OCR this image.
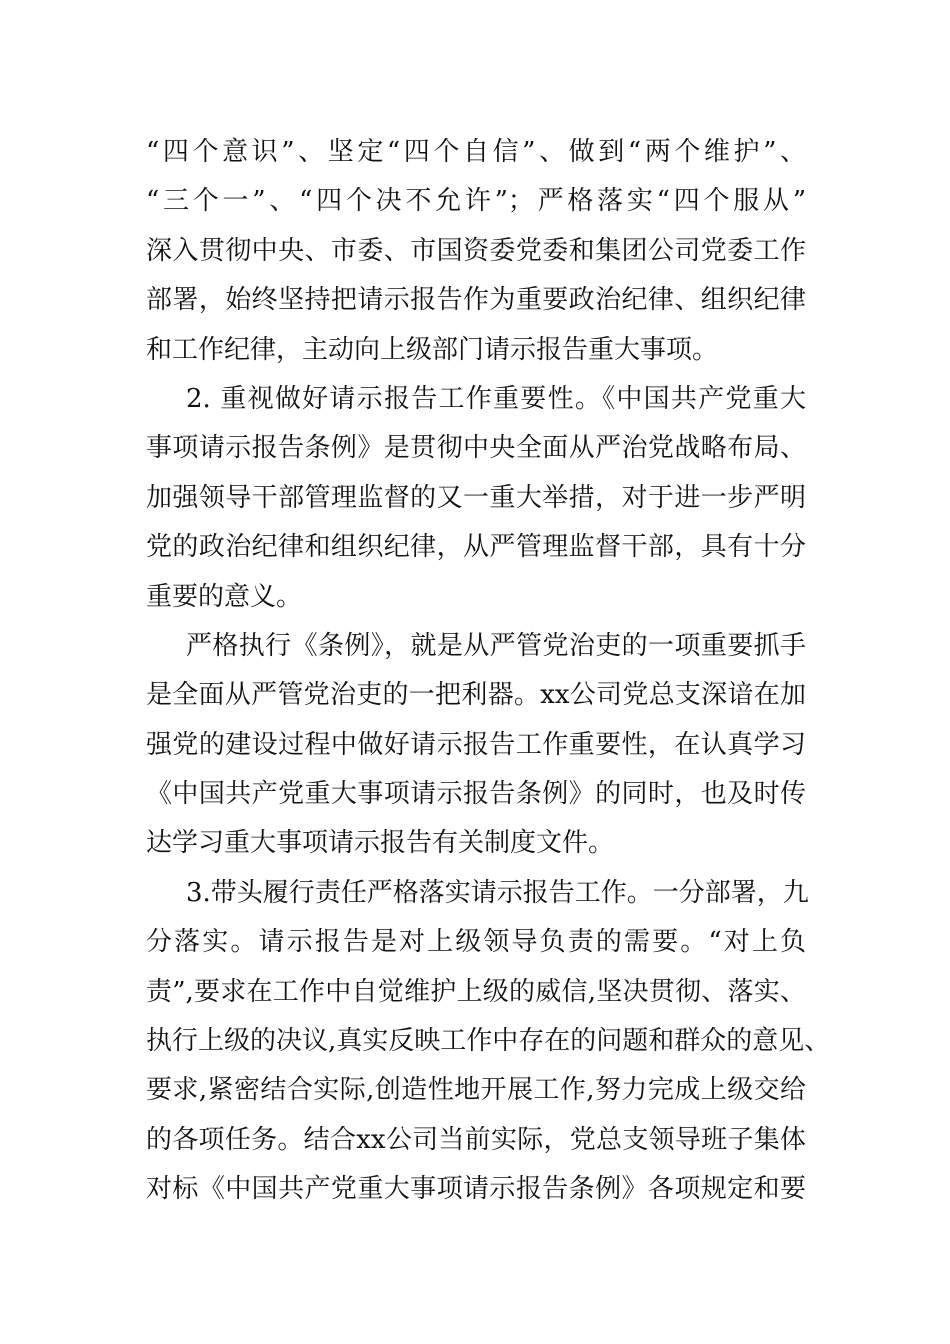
“四个意识”、坚定“四个自信”、做到“两个维护”、
“三个一”、“四个决不允许”；严格落实“四个服从”
深入贯彻中央、市委、市国资委党委和集团公司党委工作
部署，始终坚持把请示报告作为重要政治纪律、组织纪律
和工作纪律，主动向上级部门请示报告重大事项。
2. 重视做好请示报告工作重要性。《中国共产党重大
事项请示报告条例》是贯彻中央全面从严治党战略布局、
加强领导干部管理监督的又一重大举措，对于进一步严明
党的政治纪律和组织纪律，从严管理监督干部，具有十分
重要的意义。
严格执行《条例》，就是从严管党治吏的一项重要抓手
是全面从严管党治吏的一把利器。xx公司党总支深谙在加
强党的建设过程中做好请示报告工作重要性，在认真学习
《中国共产党重大事项请示报告条例》的同时，也及时传
达学习重大事项请示报告有关制度文件。
3.带头履行责任严格落实请示报告工作。一分部署，九
分落实。请示报告是对上级领导负责的需要。“对上负
责”,要求在工作中自觉维护上级的威信,坚决贯彻、落实、
执行上级的决议,真实反映工作中存在的问题和群众的意见、
要求,紧密结合实际,创造性地开展工作,努力完成上级交给
的各项任务。结合xx公司当前实际，党总支领导班子集体
对标《中国共产党重大事项请示报告条例》各项规定和要
